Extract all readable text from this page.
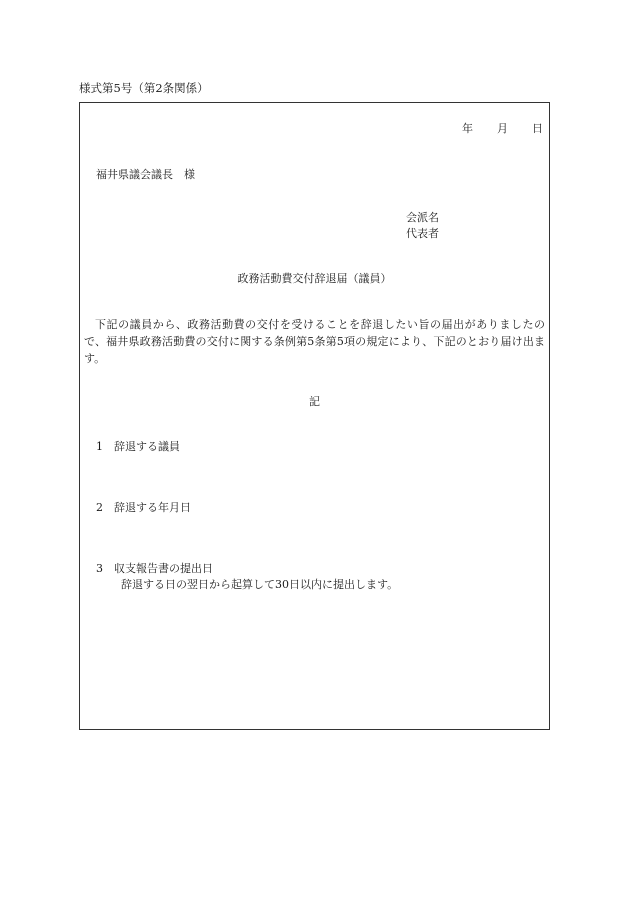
様式第5号（第2条関係）
年 月 日
福井県議会議長　様
会派名
代表者
政務活動費交付辞退届（議員）
下記の議員から、政務活動費の交付を受けることを辞退したい旨の届出がありましたので、福井県政務活動費の交付に関する条例第5条第5項の規定により、下記のとおり届け出ます。
記
1 辞退する議員
2 辞退する年月日
3 収支報告書の提出日
辞退する日の翌日から起算して30日以内に提出します。
